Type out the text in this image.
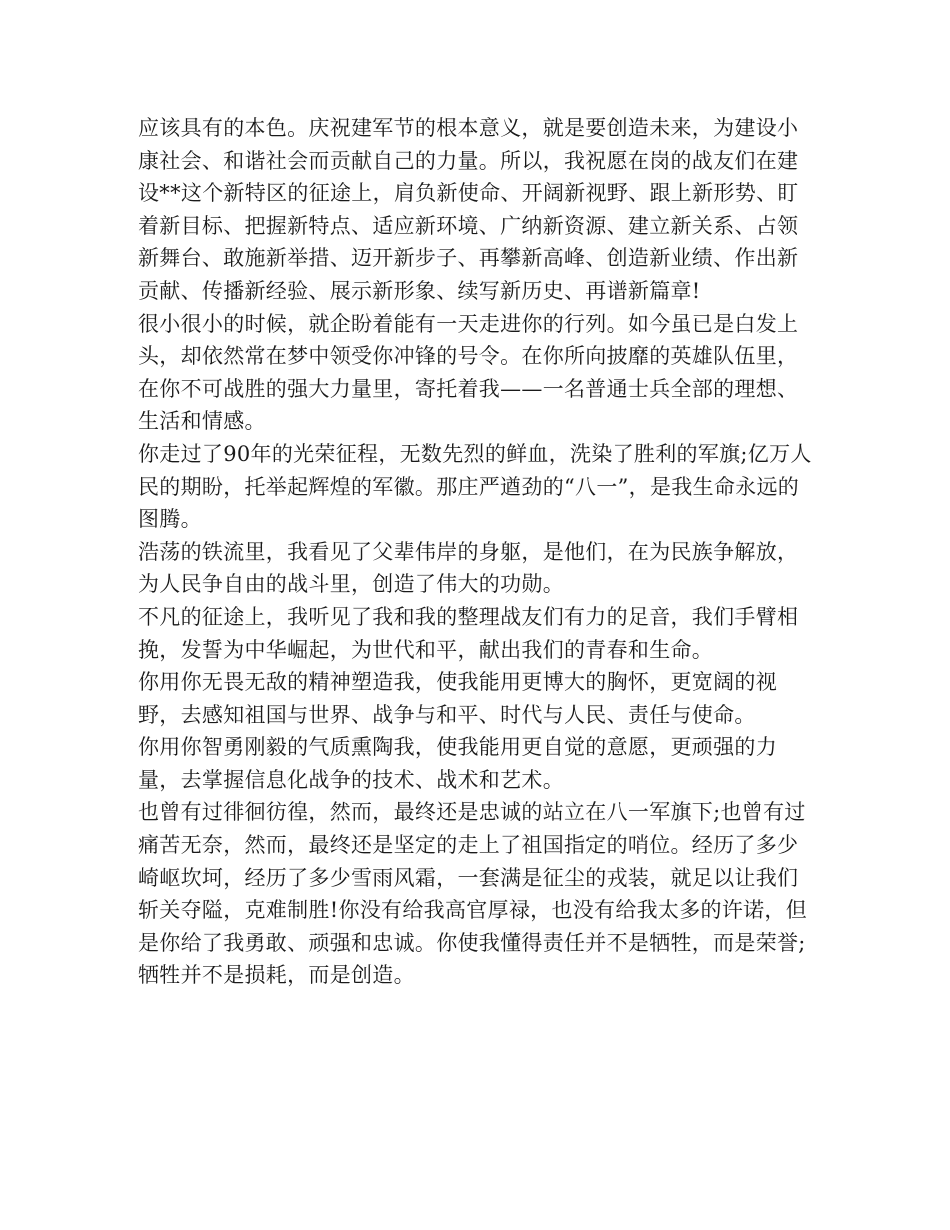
应该具有的本色。庆祝建军节的根本意义，就是要创造未来，为建设小康社会、和谐社会而贡献自己的力量。所以，我祝愿在岗的战友们在建设**这个新特区的征途上，肩负新使命、开阔新视野、跟上新形势、盯着新目标、把握新特点、适应新环境、广纳新资源、建立新关系、占领新舞台、敢施新举措、迈开新步子、再攀新高峰、创造新业绩、作出新贡献、传播新经验、展示新形象、续写新历史、再谱新篇章!

很小很小的时候，就企盼着能有一天走进你的行列。如今虽已是白发上头，却依然常在梦中领受你冲锋的号令。在你所向披靡的英雄队伍里，在你不可战胜的强大力量里，寄托着我——一名普通士兵全部的理想、生活和情感。

你走过了90年的光荣征程，无数先烈的鲜血，洗染了胜利的军旗;亿万人民的期盼，托举起辉煌的军徽。那庄严遒劲的“八一”，是我生命永远的图腾。

浩荡的铁流里，我看见了父辈伟岸的身躯，是他们，在为民族争解放，为人民争自由的战斗里，创造了伟大的功勋。

不凡的征途上，我听见了我和我的整理战友们有力的足音，我们手臂相挽，发誓为中华崛起，为世代和平，献出我们的青春和生命。

你用你无畏无敌的精神塑造我，使我能用更博大的胸怀，更宽阔的视野，去感知祖国与世界、战争与和平、时代与人民、责任与使命。

你用你智勇刚毅的气质熏陶我，使我能用更自觉的意愿，更顽强的力量，去掌握信息化战争的技术、战术和艺术。

也曾有过徘徊彷徨，然而，最终还是忠诚的站立在八一军旗下;也曾有过痛苦无奈，然而，最终还是坚定的走上了祖国指定的哨位。经历了多少崎岖坎坷，经历了多少雪雨风霜，一套满是征尘的戎装，就足以让我们斩关夺隘，克难制胜!你没有给我高官厚禄，也没有给我太多的许诺，但是你给了我勇敢、顽强和忠诚。你使我懂得责任并不是牺牲，而是荣誉;牺牲并不是损耗，而是创造。
